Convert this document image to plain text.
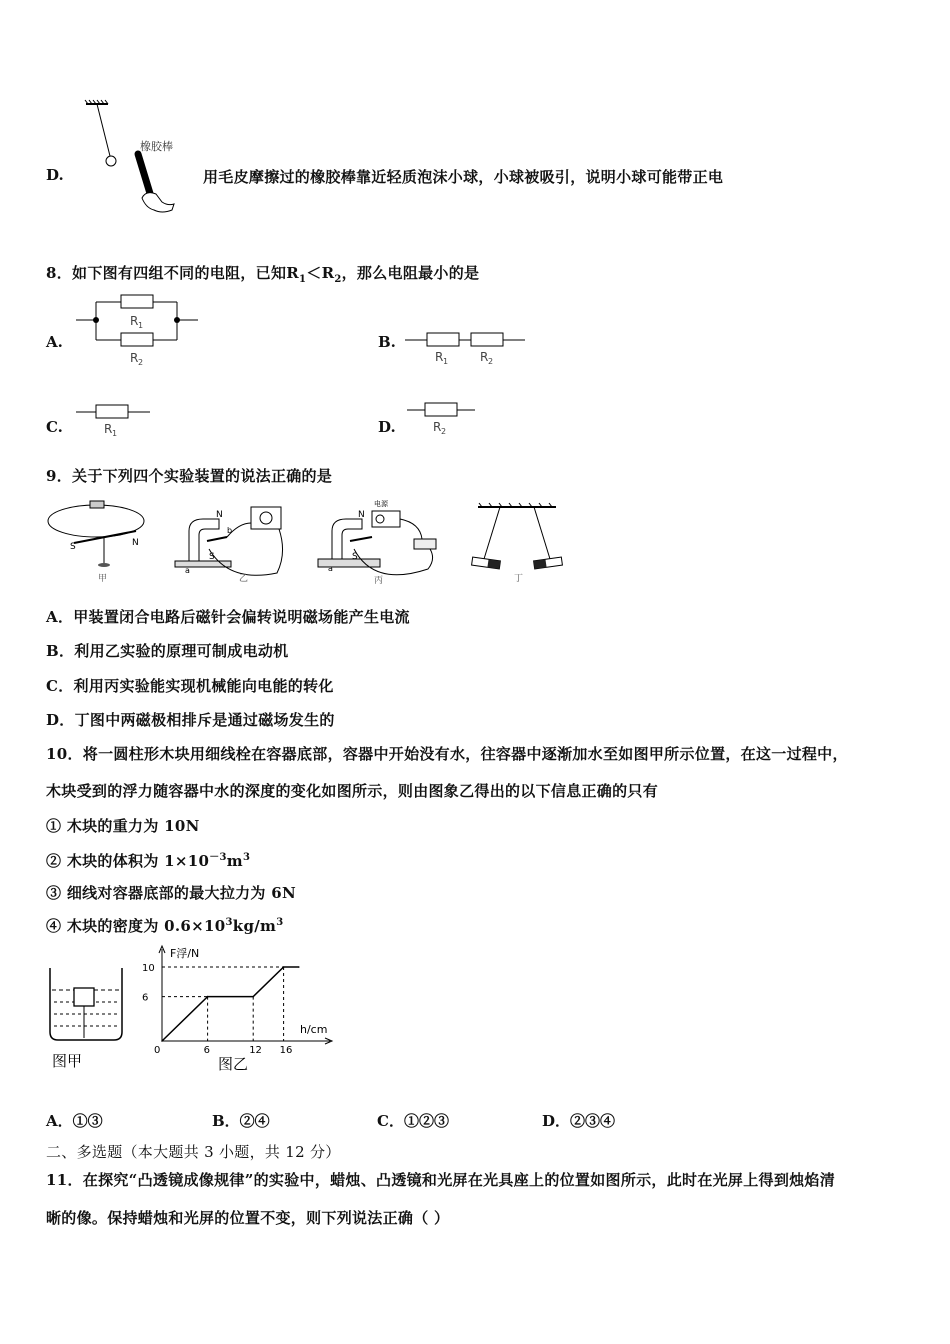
橡胶棒
D.	用毛皮摩擦过的橡胶棒靠近轻质泡沫小球，小球被吸引，说明小球可能带正电
8．如下图有四组不同的电阻，已知$R_1<R_2$，那么电阻最小的是
A.
R 1
R 2
B.
R 1	R 2
C.	R 1	D.	R 2
9．关于下列四个实验装置的说法正确的是
S	N
甲
N
S
b
a
乙
电源
N
S
a
丙	丁
A．甲装置闭合电路后磁针会偏转说明磁场能产生电流
B．利用乙实验的原理可制成电动机
C．利用丙实验能实现机械能向电能的转化
D．丁图中两磁极相排斥是通过磁场发生的
10．将一圆柱形木块用细线栓在容器底部，容器中开始没有水，往容器中逐渐加水至如图甲所示位置，在这一过程中，
木块受到的浮力随容器中水的深度的变化如图所示，则由图象乙得出的以下信息正确的只有
① 木块的重力为 10N
② 木块的体积为 $1\times 10^{-3}m^3$
③ 细线对容器底部的最大拉力为 6N
④ 木块的密度为 $0.6\times 10^3kg/m^3$
图甲
6
10
6	12 16
F浮/N
h/cm
0
图乙
A．①③	B．②④	C．①②③	D．②③④
二、多选题（本大题共 3 小题，共 12 分）
11．在探究“凸透镜成像规律”的实验中，蜡烛、凸透镜和光屏在光具座上的位置如图所示，此时在光屏上得到烛焰清
晰的像。保持蜡烛和光屏的位置不变，则下列说法正确（ ）
